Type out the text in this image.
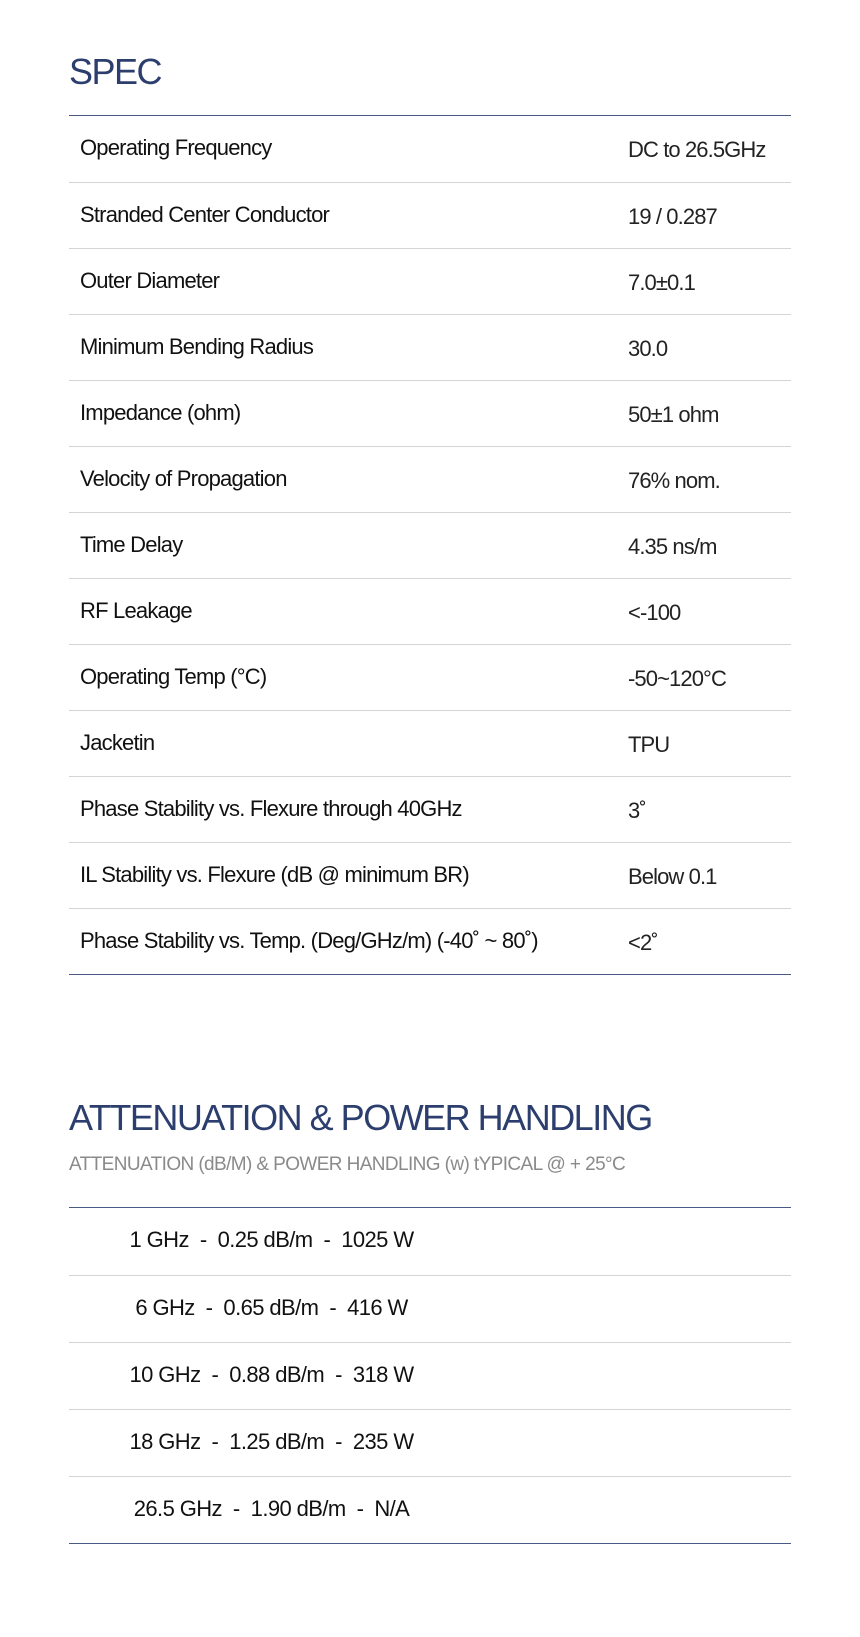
SPEC
Operating Frequency	DC to 26.5GHz
Stranded Center Conductor	19 / 0.287
Outer Diameter	7.0±0.1
Minimum Bending Radius	30.0
Impedance (ohm)	50±1 ohm
Velocity of Propagation	76% nom.
Time Delay	4.35 ns/m
RF Leakage	<-100
Operating Temp (°C)	-50~120°C
Jacketin	TPU
Phase Stability vs. Flexure through 40GHz	3˚
IL Stability vs. Flexure (dB @ minimum BR)	Below 0.1
Phase Stability vs. Temp. (Deg/GHz/m) (-40˚ ~ 80˚)	<2˚
ATTENUATION & POWER HANDLING
ATTENUATION (dB/M) & POWER HANDLING (w) tYPICAL @ + 25°C
1 GHz  -  0.25 dB/m  -  1025 W
6 GHz  -  0.65 dB/m  -  416 W
10 GHz  -  0.88 dB/m  -  318 W
18 GHz  -  1.25 dB/m  -  235 W
26.5 GHz  -  1.90 dB/m  -  N/A
